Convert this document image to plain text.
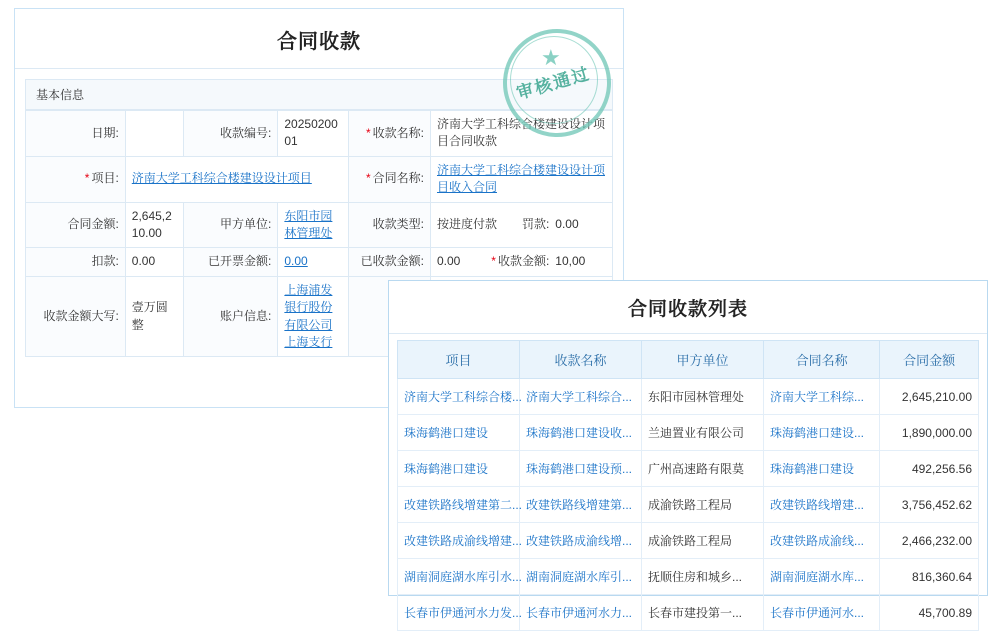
合同收款
基本信息
日期:		收款编号:	2025020001	* 收款名称:	济南大学工科综合楼建设设计项目合同收款
* 项目:	济南大学工科综合楼建设设计项目	* 合同名称:	济南大学工科综合楼建设设计项目收入合同
合同金额:	2,645,210.00	甲方单位:	东阳市园林管理处	收款类型:	按进度付款	罚款:	0.00

扣款:	0.00	已开票金额:	0.00	已收款金额:	0.00	* 收款金额:	10,00

收款金额大写:	壹万圆整	账户信息:	上海浦发银行股份有限公司上海支行		
★
审核通过
合同收款列表
项目	收款名称	甲方单位	合同名称	合同金额
济南大学工科综合楼...	济南大学工科综合...	东阳市园林管理处	济南大学工科综...	2,645,210.00
珠海鹤港口建设	珠海鹤港口建设收...	兰迪置业有限公司	珠海鹤港口建设...	1,890,000.00
珠海鹤港口建设	珠海鹤港口建设预...	广州高速路有限莫	珠海鹤港口建设	492,256.56
改建铁路线增建第二...	改建铁路线增建第...	成渝铁路工程局	改建铁路线增建...	3,756,452.62
改建铁路成渝线增建...	改建铁路成渝线增...	成渝铁路工程局	改建铁路成渝线...	2,466,232.00
湖南洞庭湖水库引水...	湖南洞庭湖水库引...	抚顺住房和城乡...	湖南洞庭湖水库...	816,360.64
长春市伊通河水力发...	长春市伊通河水力...	长春市建投第一...	长春市伊通河水...	45,700.89
